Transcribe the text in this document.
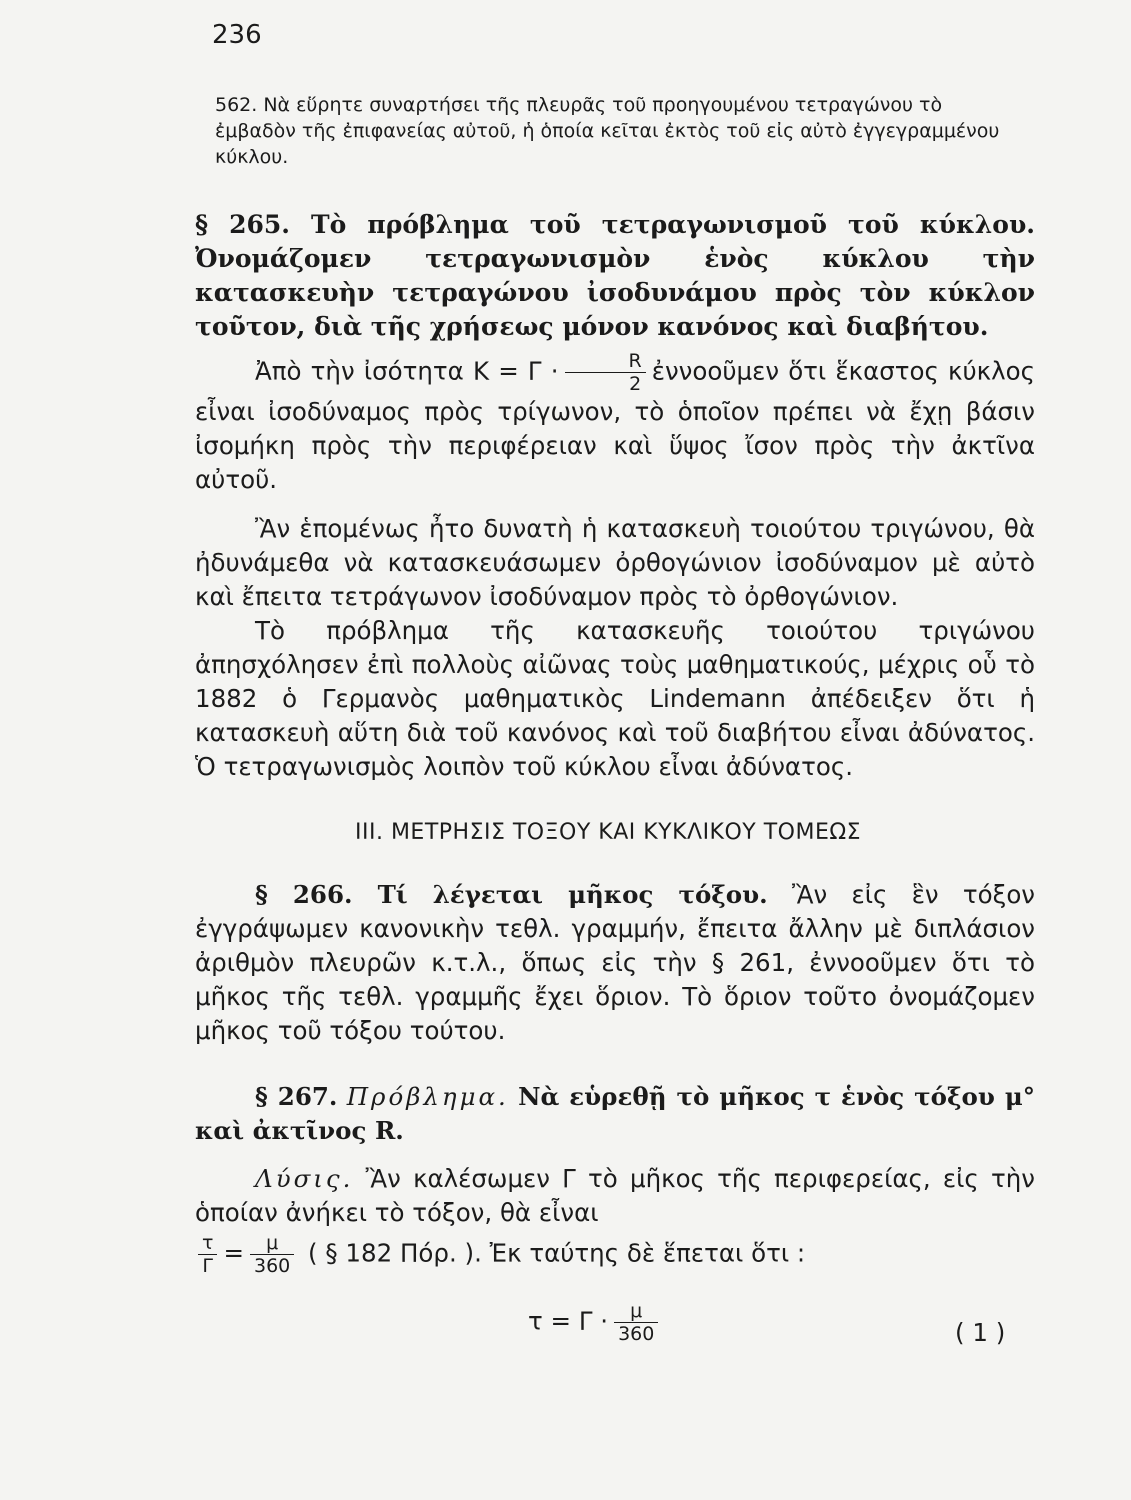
236
562. Νὰ εὕρητε συναρτήσει τῆς πλευρᾶς τοῦ προηγουμένου τετραγώνου τὸ ἐμβαδὸν τῆς ἐπιφανείας αὐτοῦ, ἡ ὁποία κεῖται ἐκτὸς τοῦ εἰς αὐτὸ ἐγγεγραμμένου κύκλου.
§ 265. Τὸ πρόβλημα τοῦ τετραγωνισμοῦ τοῦ κύκλου. Ὀνομάζομεν τετραγωνισμὸν ἑνὸς κύκλου τὴν κατασκευὴν τετραγώνου ἰσοδυνάμου πρὸς τὸν κύκλον τοῦτον, διὰ τῆς χρήσεως μόνον κανόνος καὶ διαβήτου.
Ἀπὸ τὴν ἰσότητα $K = \Gamma \cdot \frac{R}{2}$ ἐννοοῦμεν ὅτι ἕκαστος κύκλος εἶναι ἰσοδύναμος πρὸς τρίγωνον, τὸ ὁποῖον πρέπει νὰ ἔχῃ βάσιν ἰσομήκη πρὸς τὴν περιφέρειαν καὶ ὕψος ἴσον πρὸς τὴν ἀκτῖνα αὐτοῦ.
Ἂν ἑπομένως ἦτο δυνατὴ ἡ κατασκευὴ τοιούτου τριγώνου, θὰ ἠδυνάμεθα νὰ κατασκευάσωμεν ὀρθογώνιον ἰσοδύναμον μὲ αὐτὸ καὶ ἔπειτα τετράγωνον ἰσοδύναμον πρὸς τὸ ὀρθογώνιον.
Τὸ πρόβλημα τῆς κατασκευῆς τοιούτου τριγώνου ἀπησχόλησεν ἐπὶ πολλοὺς αἰῶνας τοὺς μαθηματικούς, μέχρις οὗ τὸ 1882 ὁ Γερμανὸς μαθηματικὸς Lindemann ἀπέδειξεν ὅτι ἡ κατασκευὴ αὕτη διὰ τοῦ κανόνος καὶ τοῦ διαβήτου εἶναι ἀδύνατος. Ὁ τετραγωνισμὸς λοιπὸν τοῦ κύκλου εἶναι ἀδύνατος.
ΙΙΙ. ΜΕΤΡΗΣΙΣ ΤΟΞΟΥ ΚΑΙ ΚΥΚΛΙΚΟΥ ΤΟΜΕΩΣ
§ 266. Τί λέγεται μῆκος τόξου. Ἂν εἰς ἓν τόξον ἐγγράψωμεν κανονικὴν τεθλ. γραμμήν, ἔπειτα ἄλλην μὲ διπλάσιον ἀριθμὸν πλευρῶν κ.τ.λ., ὅπως εἰς τὴν § 261, ἐννοοῦμεν ὅτι τὸ μῆκος τῆς τεθλ. γραμμῆς ἔχει ὅριον. Τὸ ὅριον τοῦτο ὀνομάζομεν μῆκος τοῦ τόξου τούτου.
§ 267. Πρόβλημα. Νὰ εὑρεθῇ τὸ μῆκος τ ἑνὸς τόξου μ° καὶ ἀκτῖνος R.
Λύσις. Ἂν καλέσωμεν Γ τὸ μῆκος τῆς περιφερείας, εἰς τὴν ὁποίαν ἀνήκει τὸ τόξον, θὰ εἶναι
$\frac{\tau}{\Gamma} = \frac{\mu}{360}$ ( § 182 Πόρ. ). Ἐκ ταύτης δὲ ἕπεται ὅτι :
$\tau = \Gamma \cdot \frac{\mu}{360}$	( 1 )
